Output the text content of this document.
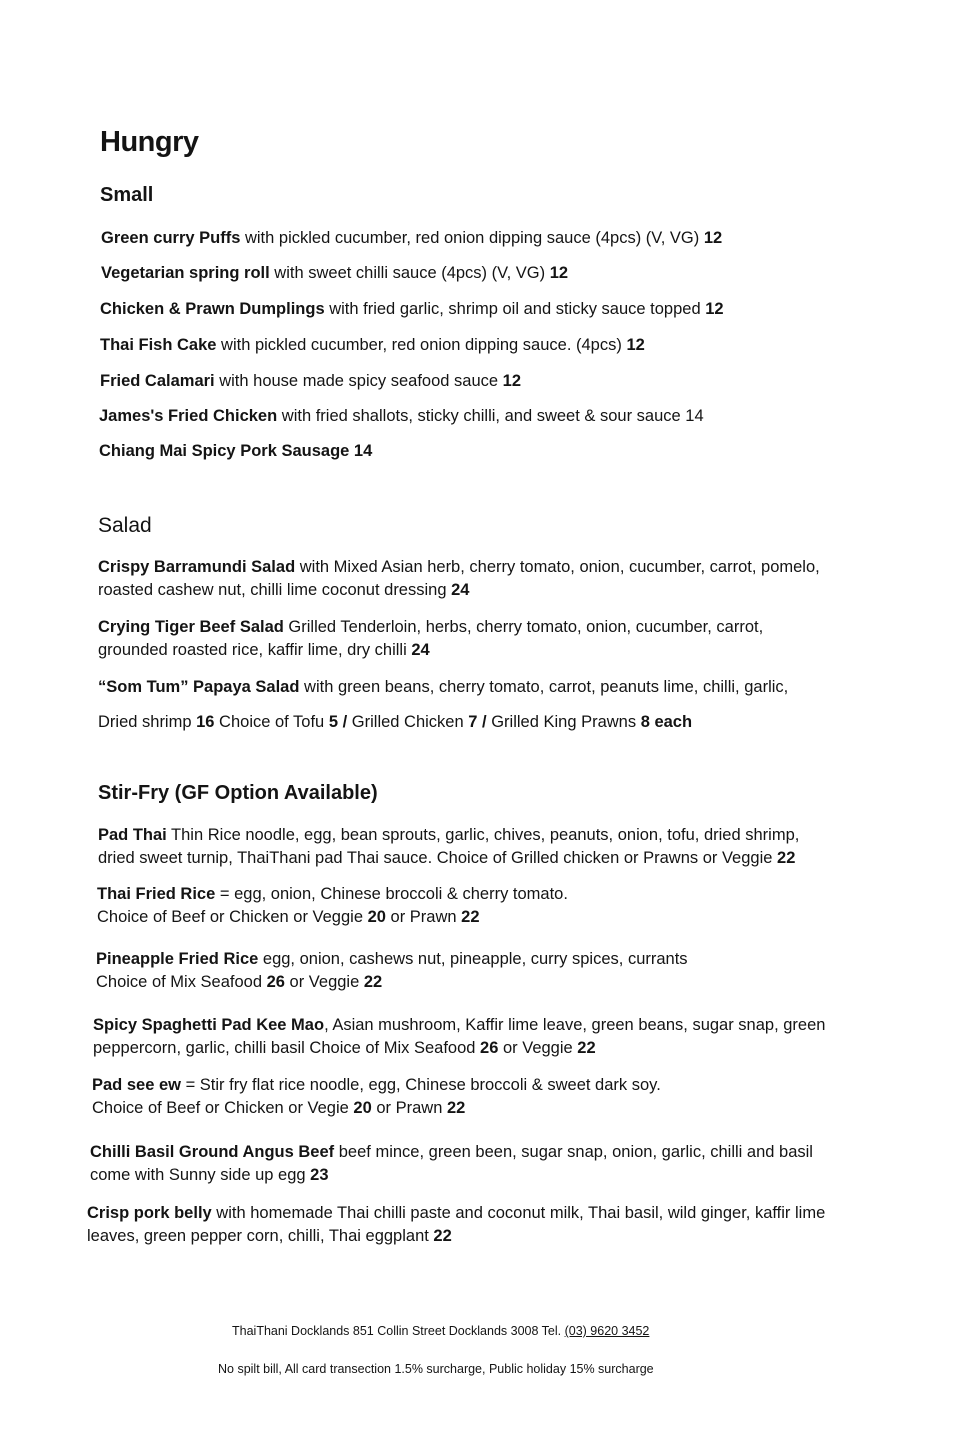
Hungry
Small

Green curry Puffs with pickled cucumber, red onion dipping sauce (4pcs) (V, VG) 12

Vegetarian spring roll with sweet chilli sauce (4pcs) (V, VG) 12

Chicken & Prawn Dumplings with fried garlic, shrimp oil and sticky sauce topped 12

Thai Fish Cake with pickled cucumber, red onion dipping sauce. (4pcs) 12

Fried Calamari with house made spicy seafood sauce 12

James's Fried Chicken with fried shallots, sticky chilli, and sweet & sour sauce 14

Chiang Mai Spicy Pork Sausage 14

Salad

Crispy Barramundi Salad with Mixed Asian herb, cherry tomato, onion, cucumber, carrot, pomelo,
roasted cashew nut, chilli lime coconut dressing 24

Crying Tiger Beef Salad Grilled Tenderloin, herbs, cherry tomato, onion, cucumber, carrot,
grounded roasted rice, kaffir lime, dry chilli 24

“Som Tum” Papaya Salad with green beans, cherry tomato, carrot, peanuts lime, chilli, garlic,

Dried shrimp 16 Choice of Tofu 5 / Grilled Chicken 7 / Grilled King Prawns 8 each

Stir-Fry (GF Option Available)

Pad Thai Thin Rice noodle, egg, bean sprouts, garlic, chives, peanuts, onion, tofu, dried shrimp,
dried sweet turnip, ThaiThani pad Thai sauce. Choice of Grilled chicken or Prawns or Veggie 22

Thai Fried Rice = egg, onion, Chinese broccoli & cherry tomato.
Choice of Beef or Chicken or Veggie 20 or Prawn 22

Pineapple Fried Rice egg, onion, cashews nut, pineapple, curry spices, currants
Choice of Mix Seafood 26 or Veggie 22

Spicy Spaghetti Pad Kee Mao, Asian mushroom, Kaffir lime leave, green beans, sugar snap, green
peppercorn, garlic, chilli basil Choice of Mix Seafood 26 or Veggie 22

Pad see ew = Stir fry flat rice noodle, egg, Chinese broccoli & sweet dark soy.
Choice of Beef or Chicken or Vegie 20 or Prawn 22

Chilli Basil Ground Angus Beef beef mince, green been, sugar snap, onion, garlic, chilli and basil
come with Sunny side up egg 23

Crisp pork belly with homemade Thai chilli paste and coconut milk, Thai basil, wild ginger, kaffir lime
leaves, green pepper corn, chilli, Thai eggplant 22

ThaiThani Docklands 851 Collin Street Docklands 3008 Tel. (03) 9620 3452
No spilt bill, All card transection 1.5% surcharge, Public holiday 15% surcharge
